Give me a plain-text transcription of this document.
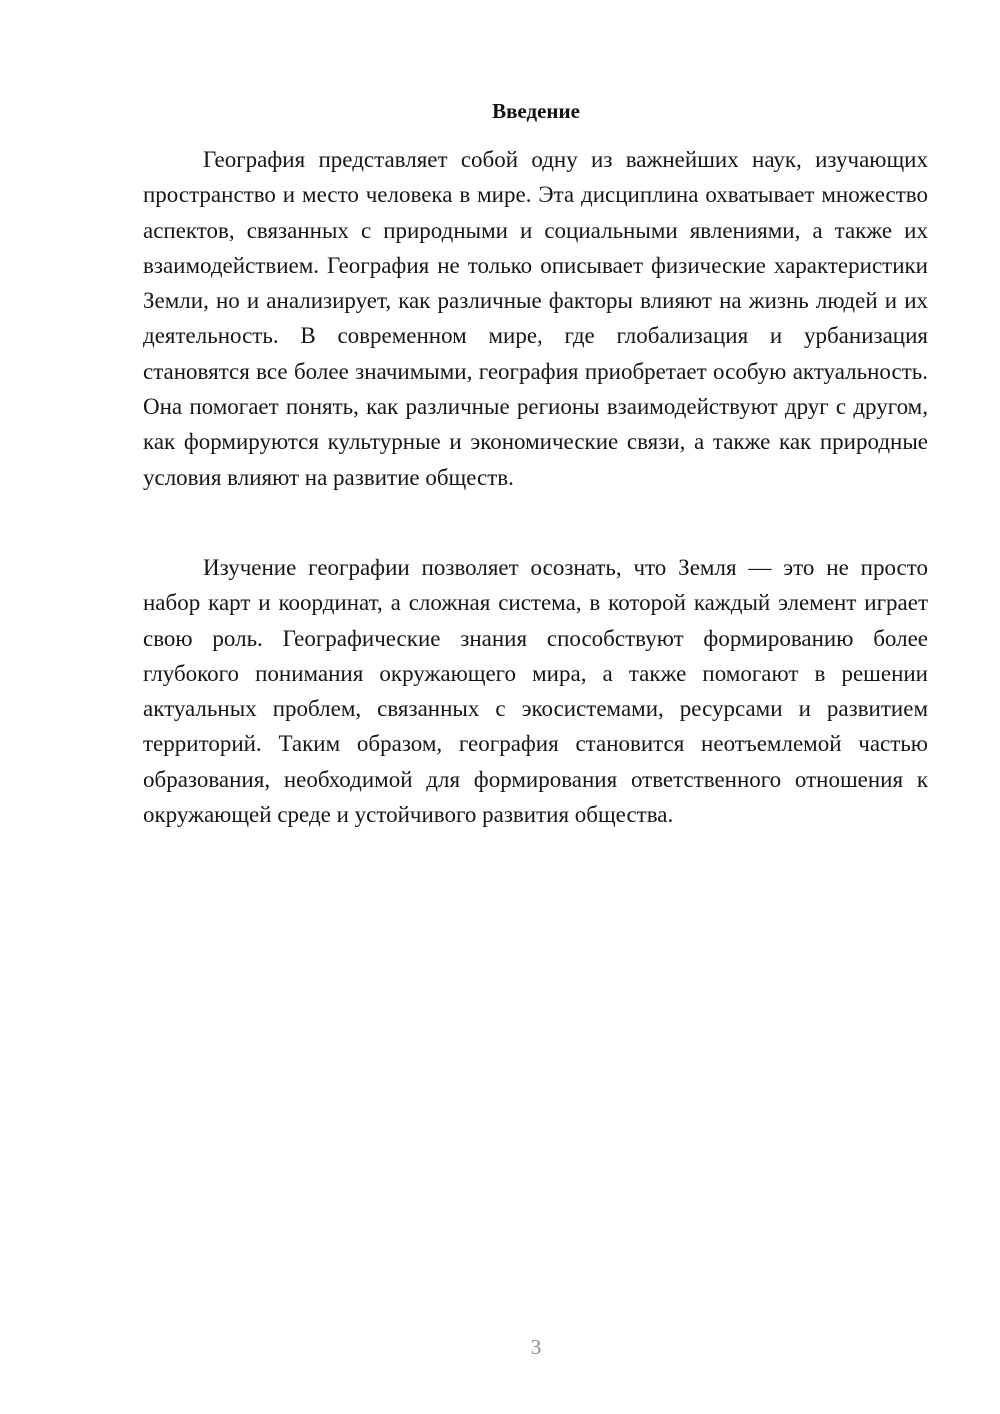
Введение

География представляет собой одну из важнейших наук, изучающих пространство и место человека в мире. Эта дисциплина охватывает множество аспектов, связанных с природными и социальными явлениями, а также их взаимодействием. География не только описывает физические характеристики Земли, но и анализирует, как различные факторы влияют на жизнь людей и их деятельность. В современном мире, где глобализация и урбанизация становятся все более значимыми, география приобретает особую актуальность. Она помогает понять, как различные регионы взаимодействуют друг с другом, как формируются культурные и экономические связи, а также как природные условия влияют на развитие обществ.

Изучение географии позволяет осознать, что Земля — это не просто набор карт и координат, а сложная система, в которой каждый элемент играет свою роль. Географические знания способствуют формированию более глубокого понимания окружающего мира, а также помогают в решении актуальных проблем, связанных с экосистемами, ресурсами и развитием территорий. Таким образом, география становится неотъемлемой частью образования, необходимой для формирования ответственного отношения к окружающей среде и устойчивого развития общества.

3
